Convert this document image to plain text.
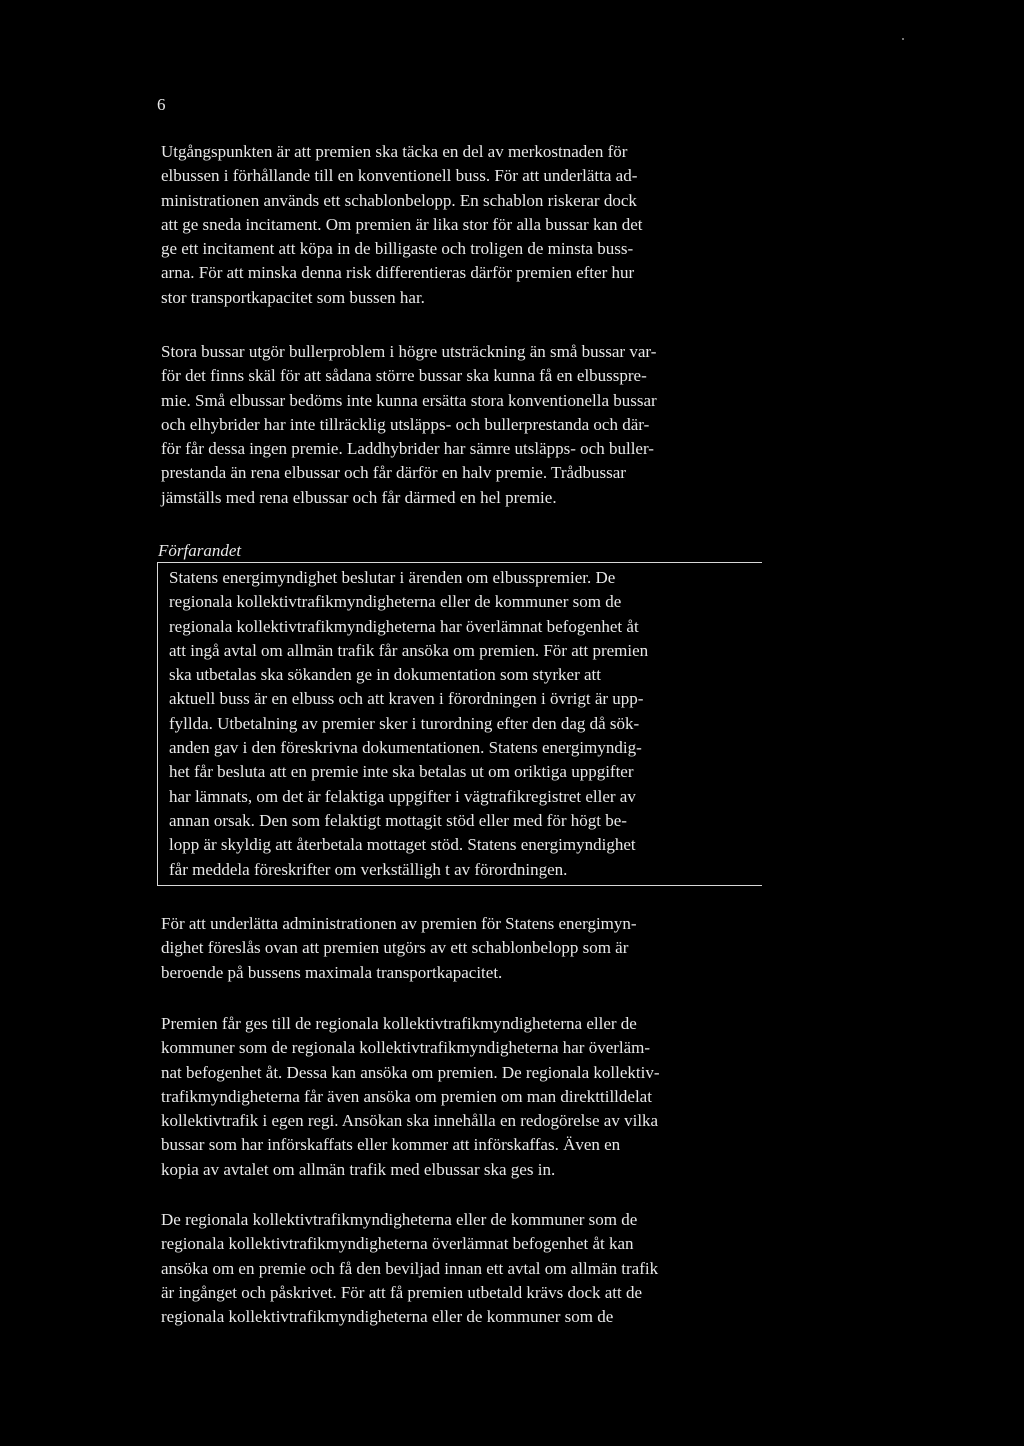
6
Utgångspunkten är att premien ska täcka en del av merkostnaden för
elbussen i förhållande till en konventionell buss. För att underlätta ad-
ministrationen används ett schablonbelopp. En schablon riskerar dock
att ge sneda incitament. Om premien är lika stor för alla bussar kan det
ge ett incitament att köpa in de billigaste och troligen de minsta buss-
arna. För att minska denna risk differentieras därför premien efter hur
stor transportkapacitet som bussen har.
Stora bussar utgör bullerproblem i högre utsträckning än små bussar var-
för det finns skäl för att sådana större bussar ska kunna få en elbusspre-
mie. Små elbussar bedöms inte kunna ersätta stora konventionella bussar
och elhybrider har inte tillräcklig utsläpps- och bullerprestanda och där-
för får dessa ingen premie. Laddhybrider har sämre utsläpps- och buller-
prestanda än rena elbussar och får därför en halv premie. Trådbussar
jämställs med rena elbussar och får därmed en hel premie.
Förfarandet
Statens energimyndighet beslutar i ärenden om elbusspremier. De
regionala kollektivtrafikmyndigheterna eller de kommuner som de
regionala kollektivtrafikmyndigheterna har överlämnat befogenhet åt
att ingå avtal om allmän trafik får ansöka om premien. För att premien
ska utbetalas ska sökanden ge in dokumentation som styrker att
aktuell buss är en elbuss och att kraven i förordningen i övrigt är upp-
fyllda. Utbetalning av premier sker i turordning efter den dag då sök-
anden gav i den föreskrivna dokumentationen. Statens energimyndig-
het får besluta att en premie inte ska betalas ut om oriktiga uppgifter
har lämnats, om det är felaktiga uppgifter i vägtrafikregistret eller av
annan orsak. Den som felaktigt mottagit stöd eller med för högt be-
lopp är skyldig att återbetala mottaget stöd. Statens energimyndighet
får meddela föreskrifter om verkställigh t av förordningen.
För att underlätta administrationen av premien för Statens energimyn-
dighet föreslås ovan att premien utgörs av ett schablonbelopp som är
beroende på bussens maximala transportkapacitet.
Premien får ges till de regionala kollektivtrafikmyndigheterna eller de
kommuner som de regionala kollektivtrafikmyndigheterna har överläm-
nat befogenhet åt. Dessa kan ansöka om premien. De regionala kollektiv-
trafikmyndigheterna får även ansöka om premien om man direkttilldelat
kollektivtrafik i egen regi. Ansökan ska innehålla en redogörelse av vilka
bussar som har införskaffats eller kommer att införskaffas. Även en
kopia av avtalet om allmän trafik med elbussar ska ges in.
De regionala kollektivtrafikmyndigheterna eller de kommuner som de
regionala kollektivtrafikmyndigheterna överlämnat befogenhet åt kan
ansöka om en premie och få den beviljad innan ett avtal om allmän trafik
är ingånget och påskrivet. För att få premien utbetald krävs dock att de
regionala kollektivtrafikmyndigheterna eller de kommuner som de
